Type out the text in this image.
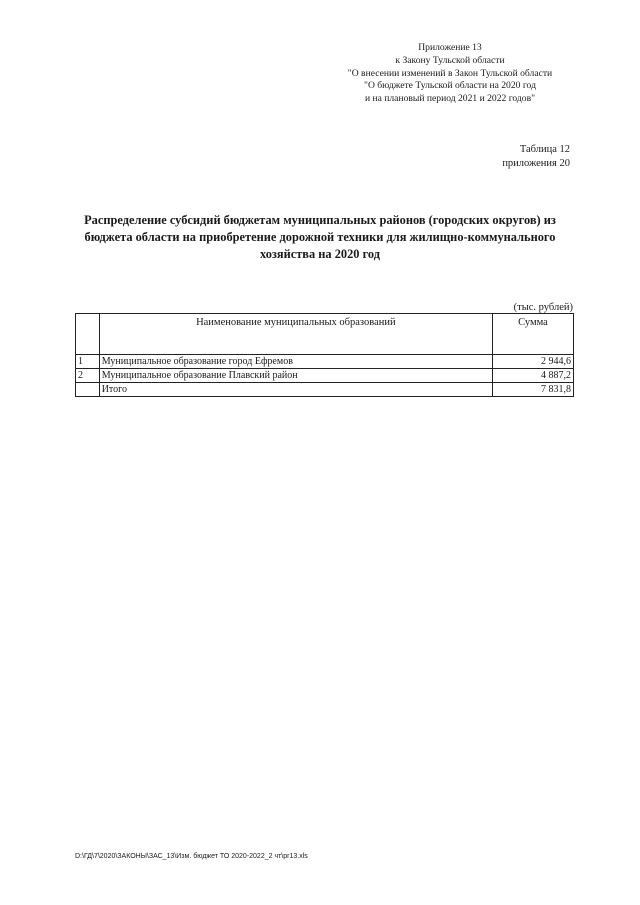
Приложение 13
к Закону Тульской области
"О внесении изменений в Закон Тульской области
"О бюджете Тульской области на 2020 год
и на плановый период 2021 и 2022 годов"
Таблица 12
приложения 20
Распределение субсидий бюджетам муниципальных районов (городских округов) из бюджета области на приобретение дорожной техники для жилищно-коммунального хозяйства на 2020 год
(тыс. рублей)
	Наименование муниципальных образований	Сумма
1	Муниципальное образование город Ефремов	2 944,6
2	Муниципальное образование Плавский район	4 887,2
	Итого	7 831,8
D:\ГД\7\2020\ЗАКОНЫ\ЗАС_13\Изм. бюджет ТО 2020-2022_2 чт\pr13.xls
